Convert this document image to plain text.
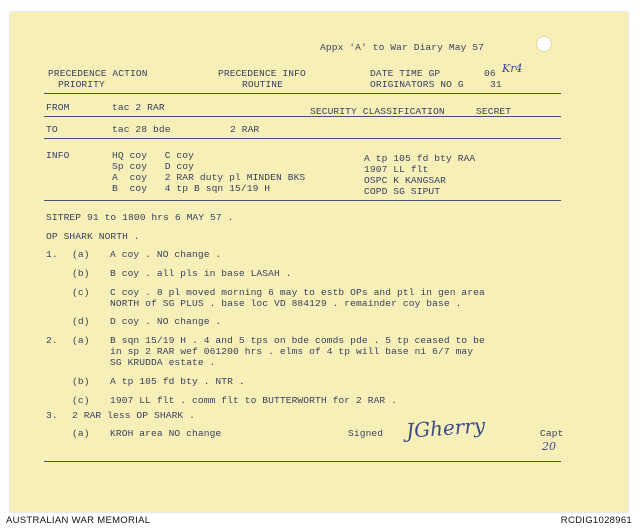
Appx 'A' to War Diary May 57
PRECEDENCE ACTION
PRIORITY
PRECEDENCE INFO
ROUTINE
DATE TIME GP	06 Kr4
ORIGINATORS NO G	31
FROM	tac 2 RAR	SECURITY CLASSIFICATION	SECRET
TO	tac 28 bde	2 RAR
INFO	HQ coy   C coy
Sp coy   D coy
A  coy   2 RAR duty pl MINDEN BKS
B  coy   4 tp B sqn 15/19 H
A tp 105 fd bty RAA
1907 LL flt
OSPC K KANGSAR
COPD SG SIPUT
SITREP 91 to 1800 hrs 6 MAY 57 .
OP SHARK NORTH .
1. (a) A coy . NO change .
(b) B coy . all pls in base LASAH .
(c) C coy . 8 pl moved morning 6 may to estb OPs and ptl in gen area
NORTH of SG PLUS . base loc VD 884129 . remainder coy base .
(d) D coy . NO change .
2. (a) B sqn 15/19 H . 4 and 5 tps on bde comds pde . 5 tp ceased to be
in sp 2 RAR wef 061200 hrs . elms of 4 tp will base ni 6/7 may
SG KRUDDA estate .
(b) A tp 105 fd bty . NTR .
(c) 1907 LL flt . comm flt to BUTTERWORTH for 2 RAR .
3. 2 RAR less OP SHARK .
(a) KROH area NO change	Signed JGherry	Capt
20
AUSTRALIAN WAR MEMORIAL	RCDIG1028961
